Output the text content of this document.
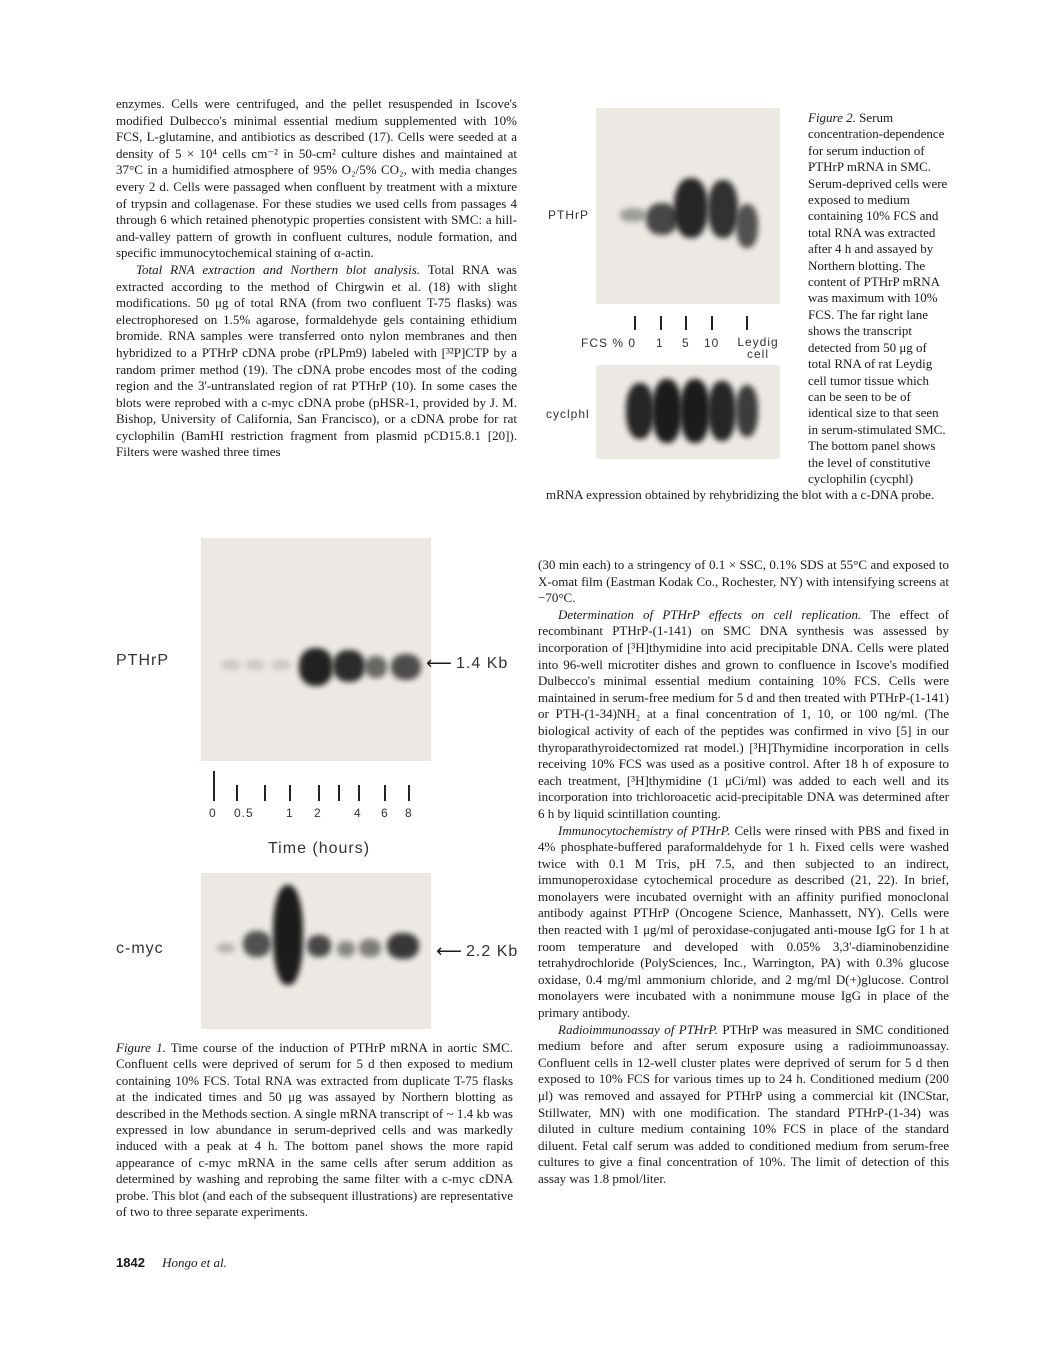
enzymes. Cells were centrifuged, and the pellet resuspended in Iscove's modified Dulbecco's minimal essential medium supplemented with 10% FCS, L-glutamine, and antibiotics as described (17). Cells were seeded at a density of 5 × 10⁴ cells cm⁻² in 50-cm² culture dishes and maintained at 37°C in a humidified atmosphere of 95% O₂/5% CO₂, with media changes every 2 d. Cells were passaged when confluent by treatment with a mixture of trypsin and collagenase. For these studies we used cells from passages 4 through 6 which retained phenotypic properties consistent with SMC: a hill-and-valley pattern of growth in confluent cultures, nodule formation, and specific immunocytochemical staining of α-actin.

Total RNA extraction and Northern blot analysis. Total RNA was extracted according to the method of Chirgwin et al. (18) with slight modifications. 50 μg of total RNA (from two confluent T-75 flasks) was electrophoresed on 1.5% agarose, formaldehyde gels containing ethidium bromide. RNA samples were transferred onto nylon membranes and then hybridized to a PTHrP cDNA probe (rPLPm9) labeled with [³²P]CTP by a random primer method (19). The cDNA probe encodes most of the coding region and the 3'-untranslated region of rat PTHrP (10). In some cases the blots were reprobed with a c-myc cDNA probe (pHSR-1, provided by J. M. Bishop, University of California, San Francisco), or a cDNA probe for rat cyclophilin (BamHI restriction fragment from plasmid pCD15.8.1 [20]). Filters were washed three times

PTHrP
FCS % 0 1 5 10	Leydig cell
cyclphl
Figure 2. Serum concentration-dependence for serum induction of PTHrP mRNA in SMC. Serum-deprived cells were exposed to medium containing 10% FCS and total RNA was extracted after 4 h and assayed by Northern blotting. The content of PTHrP mRNA was maximum with 10% FCS. The far right lane shows the transcript detected from 50 μg of total RNA of rat Leydig cell tumor tissue which can be seen to be of identical size to that seen in serum-stimulated SMC. The bottom panel shows the level of constitutive cyclophilin (cycphl) mRNA expression obtained by rehybridizing the blot with a c-DNA probe.
PTHrP	⟵ 1.4 Kb
0 0.5	1 2	4 6 8
Time (hours)
c-myc	⟵ 2.2 Kb
Figure 1. Time course of the induction of PTHrP mRNA in aortic SMC. Confluent cells were deprived of serum for 5 d then exposed to medium containing 10% FCS. Total RNA was extracted from duplicate T-75 flasks at the indicated times and 50 μg was assayed by Northern blotting as described in the Methods section. A single mRNA transcript of ~ 1.4 kb was expressed in low abundance in serum-deprived cells and was markedly induced with a peak at 4 h. The bottom panel shows the more rapid appearance of c-myc mRNA in the same cells after serum addition as determined by washing and reprobing the same filter with a c-myc cDNA probe. This blot (and each of the subsequent illustrations) are representative of two to three separate experiments.

(30 min each) to a stringency of 0.1 × SSC, 0.1% SDS at 55°C and exposed to X-omat film (Eastman Kodak Co., Rochester, NY) with intensifying screens at −70°C.

Determination of PTHrP effects on cell replication. The effect of recombinant PTHrP-(1-141) on SMC DNA synthesis was assessed by incorporation of [³H]thymidine into acid precipitable DNA. Cells were plated into 96-well microtiter dishes and grown to confluence in Iscove's modified Dulbecco's minimal essential medium containing 10% FCS. Cells were maintained in serum-free medium for 5 d and then treated with PTHrP-(1-141) or PTH-(1-34)NH₂ at a final concentration of 1, 10, or 100 ng/ml. (The biological activity of each of the peptides was confirmed in vivo [5] in our thyroparathyroidectomized rat model.) [³H]Thymidine incorporation in cells receiving 10% FCS was used as a positive control. After 18 h of exposure to each treatment, [³H]thymidine (1 μCi/ml) was added to each well and its incorporation into trichloroacetic acid-precipitable DNA was determined after 6 h by liquid scintillation counting.

Immunocytochemistry of PTHrP. Cells were rinsed with PBS and fixed in 4% phosphate-buffered paraformaldehyde for 1 h. Fixed cells were washed twice with 0.1 M Tris, pH 7.5, and then subjected to an indirect, immunoperoxidase cytochemical procedure as described (21, 22). In brief, monolayers were incubated overnight with an affinity purified monoclonal antibody against PTHrP (Oncogene Science, Manhassett, NY). Cells were then reacted with 1 μg/ml of peroxidase-conjugated anti-mouse IgG for 1 h at room temperature and developed with 0.05% 3,3'-diaminobenzidine tetrahydrochloride (PolySciences, Inc., Warrington, PA) with 0.3% glucose oxidase, 0.4 mg/ml ammonium chloride, and 2 mg/ml D(+)glucose. Control monolayers were incubated with a nonimmune mouse IgG in place of the primary antibody.

Radioimmunoassay of PTHrP. PTHrP was measured in SMC conditioned medium before and after serum exposure using a radioimmunoassay. Confluent cells in 12-well cluster plates were deprived of serum for 5 d then exposed to 10% FCS for various times up to 24 h. Conditioned medium (200 μl) was removed and assayed for PTHrP using a commercial kit (INCStar, Stillwater, MN) with one modification. The standard PTHrP-(1-34) was diluted in culture medium containing 10% FCS in place of the standard diluent. Fetal calf serum was added to conditioned medium from serum-free cultures to give a final concentration of 10%. The limit of detection of this assay was 1.8 pmol/liter.

1842 Hongo et al.
